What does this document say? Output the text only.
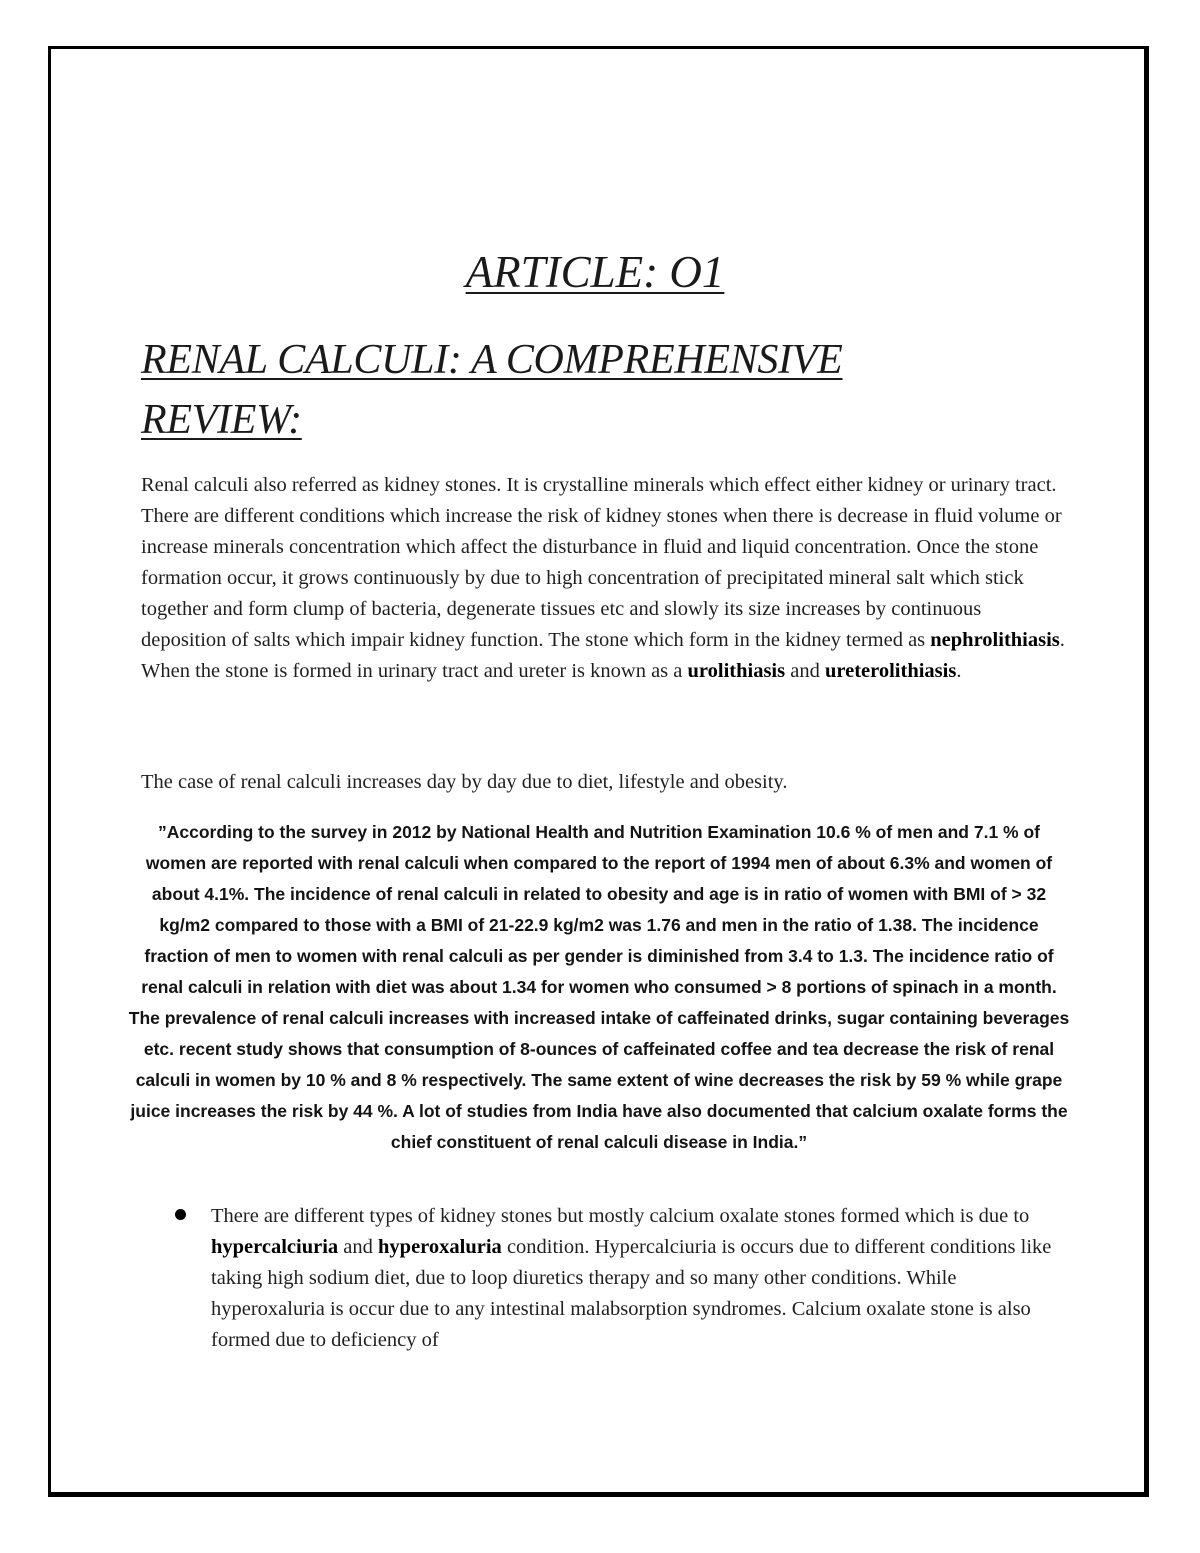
ARTICLE: O1
RENAL CALCULI: A COMPREHENSIVE
REVIEW:

Renal calculi also referred as kidney stones. It is crystalline minerals which effect either kidney or urinary tract. There are different conditions which increase the risk of kidney stones when there is decrease in fluid volume or increase minerals concentration which affect the disturbance in fluid and liquid concentration. Once the stone formation occur, it grows continuously by due to high concentration of precipitated mineral salt which stick together and form clump of bacteria, degenerate tissues etc and slowly its size increases by continuous deposition of salts which impair kidney function. The stone which form in the kidney termed as nephrolithiasis. When the stone is formed in urinary tract and ureter is known as a urolithiasis and ureterolithiasis.

The case of renal calculi increases day by day due to diet, lifestyle and obesity.

”According to the survey in 2012 by National Health and Nutrition Examination 10.6 % of men and 7.1 % of women are reported with renal calculi when compared to the report of 1994 men of about 6.3% and women of about 4.1%. The incidence of renal calculi in related to obesity and age is in ratio of women with BMI of > 32 kg/m2 compared to those with a BMI of 21-22.9 kg/m2 was 1.76 and men in the ratio of 1.38. The incidence fraction of men to women with renal calculi as per gender is diminished from 3.4 to 1.3. The incidence ratio of renal calculi in relation with diet was about 1.34 for women who consumed > 8 portions of spinach in a month. The prevalence of renal calculi increases with increased intake of caffeinated drinks, sugar containing beverages etc. recent study shows that consumption of 8-ounces of caffeinated coffee and tea decrease the risk of renal calculi in women by 10 % and 8 % respectively. The same extent of wine decreases the risk by 59 % while grape juice increases the risk by 44 %. A lot of studies from India have also documented that calcium oxalate forms the chief constituent of renal calculi disease in India.”

There are different types of kidney stones but mostly calcium oxalate stones formed which is due to hypercalciuria and hyperoxaluria condition. Hypercalciuria is occurs due to different conditions like taking high sodium diet, due to loop diuretics therapy and so many other conditions. While hyperoxaluria is occur due to any intestinal malabsorption syndromes. Calcium oxalate stone is also formed due to deficiency of
